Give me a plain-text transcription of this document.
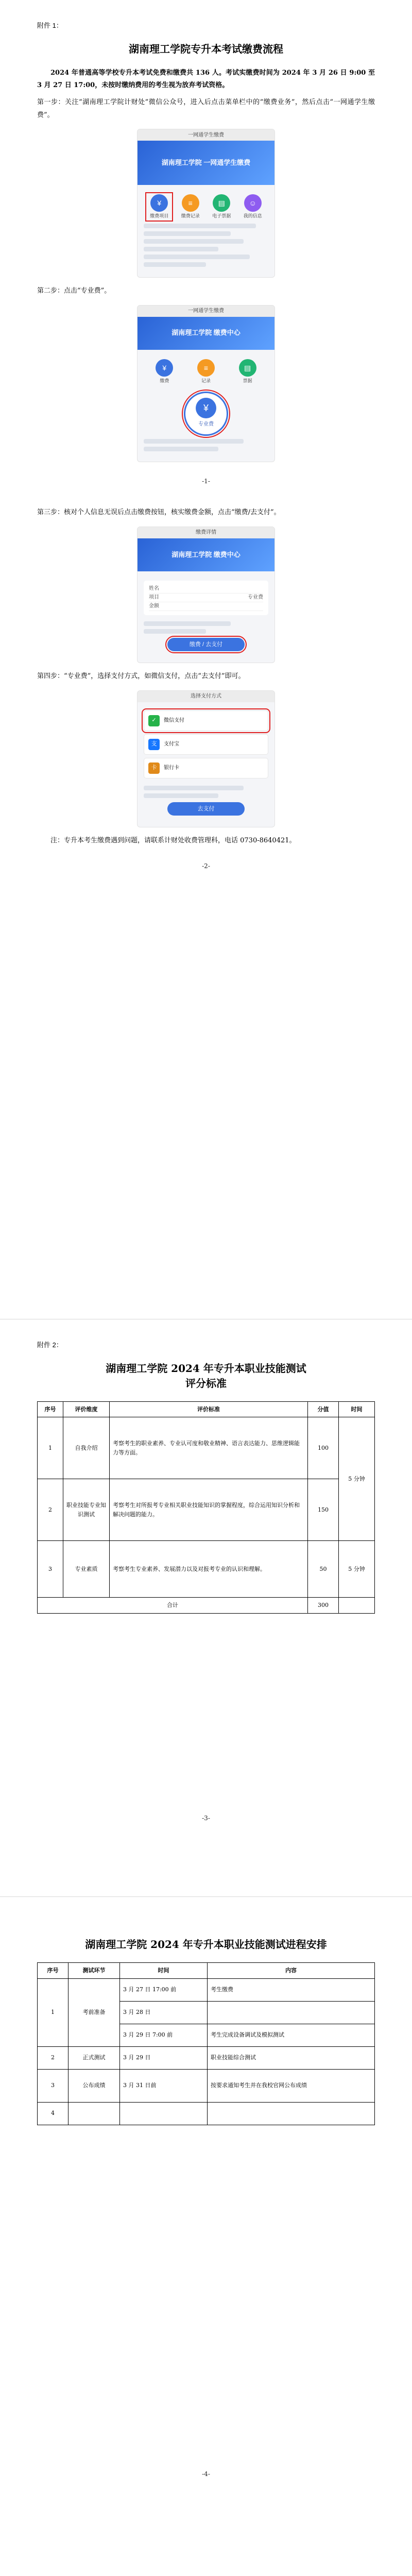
附件 1：
湖南理工学院专升本考试缴费流程

2024 年普通高等学校专升本考试免费和缴费共 136 人。考试实缴费时间为 2024 年 3 月 26 日 9:00 至 3 月 27 日 17:00，未按时缴纳费用的考生视为放弃考试资格。

第一步：关注“湖南理工学院计财处”微信公众号，进入后点击菜单栏中的“缴费业务”，然后点击“一网通学生缴费”。

一网通学生缴费
湖南理工学院 一网通学生缴费
¥
缴费项目
≡
缴费记录
▤
电子票据
☺
我的信息

第二步：点击“专业费”。

一网通学生缴费
湖南理工学院 缴费中心
¥
缴费
≡
记录
▤
票据
¥
专业费
-1-

第三步：核对个人信息无误后点击缴费按钮，核实缴费金额，点击“缴费/去支付”。

缴费详情
湖南理工学院 缴费中心
姓名
项目	专业费
金额
缴费 / 去支付

第四步：“专业费”，选择支付方式，如微信支付，点击“去支付”即可。

选择支付方式
✓	微信支付
支	支付宝
卡	银行卡
去支付

注：专升本考生缴费遇到问题，请联系计财处收费管理科，电话 0730-8640421。

-2-
附件 2：
湖南理工学院 2024 年专升本职业技能测试
评分标准
序号	评价维度	评价标准	分值	时间
1	自我介绍	考察考生的职业素养、专业认可度和敬业精神、语言表达能力、思维逻辑能力等方面。	100	5 分钟
2	职业技能专业知识测试	考察考生对所报考专业相关职业技能知识的掌握程度，综合运用知识分析和解决问题的能力。	150	
3	专业素质	考察考生专业素养、发展潜力以及对报考专业的认识和理解。	50	5 分钟
合计			300	
-3-
湖南理工学院 2024 年专升本职业技能测试进程安排
序号	测试环节	时间	内容
1	考前准备	3 月 27 日 17:00 前	考生缴费
		3 月 28 日	
		3 月 29 日 7:00 前	考生完成设备调试及模拟测试
2	正式测试	3 月 29 日	职业技能综合测试
3	公布成绩	3 月 31 日前	按要求通知考生并在我校官网公布成绩
4			
-4-
